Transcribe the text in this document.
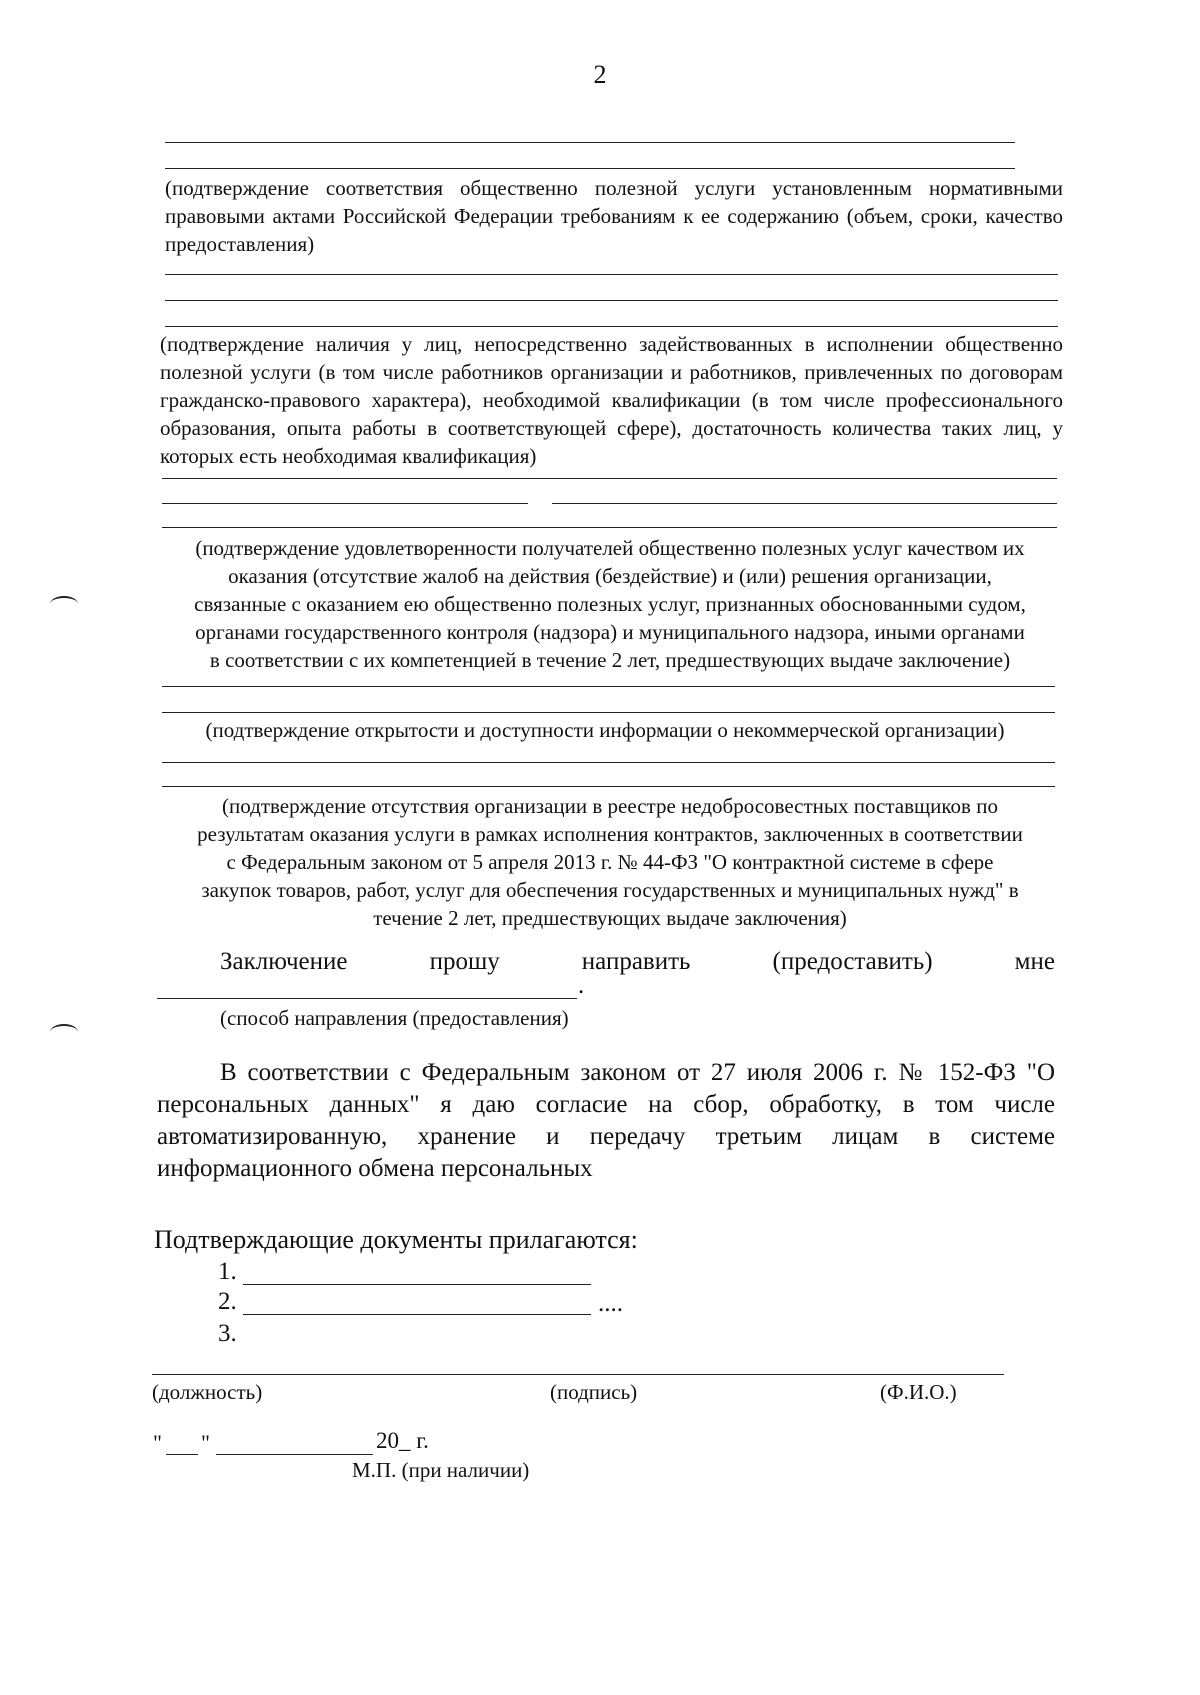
2
(подтверждение соответствия общественно полезной услуги установленным нормативными правовыми актами Российской Федерации требованиям к ее содержанию (объем, сроки, качество предоставления)
(подтверждение наличия у лиц, непосредственно задействованных в исполнении общественно полезной услуги (в том числе работников организации и работников, привлеченных по договорам гражданско-правового характера), необходимой квалификации (в том числе профессионального образования, опыта работы в соответствующей сфере), достаточность количества таких лиц, у которых есть необходимая квалификация)
(подтверждение удовлетворенности получателей общественно полезных услуг качеством их
оказания (отсутствие жалоб на действия (бездействие) и (или) решения организации,
связанные с оказанием ею общественно полезных услуг, признанных обоснованными судом,
органами государственного контроля (надзора) и муниципального надзора, иными органами
в соответствии с их компетенцией в течение 2 лет, предшествующих выдаче заключение)
(подтверждение открытости и доступности информации о некоммерческой организации)
(подтверждение отсутствия организации в реестре недобросовестных поставщиков по
результатам оказания услуги в рамках исполнения контрактов, заключенных в соответствии
с Федеральным законом от 5 апреля 2013 г. № 44-ФЗ "О контрактной системе в сфере
закупок товаров, работ, услуг для обеспечения государственных и муниципальных нужд" в
течение 2 лет, предшествующих выдаче заключения)
Заключение	прошу	направить	(предоставить)	мне
.
(способ направления (предоставления)
В соответствии с Федеральным законом от 27 июля 2006 г. № 152-ФЗ "О персональных данных" я даю согласие на сбор, обработку, в том числе автоматизированную, хранение и передачу третьим лицам в системе информационного обмена персональных
Подтверждающие документы прилагаются:
1.
2.	....
3.
(должность)	(подпись)	(Ф.И.О.)
" "	20_ г.
М.П. (при наличии)
